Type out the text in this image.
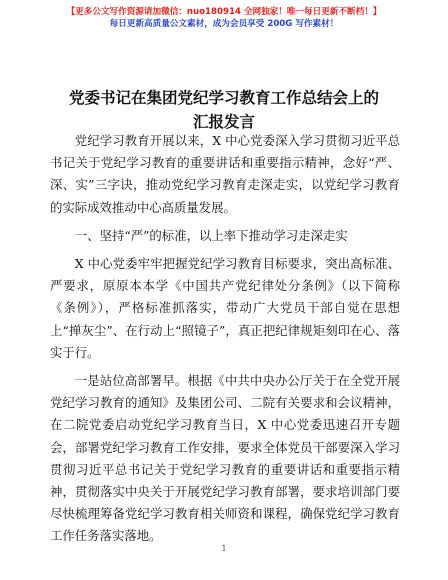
【更多公文写作资源请加微信：nuo180914 全网独家！唯一每日更新不断档！】
每日更新高质量公文素材，成为会员享受 200G 写作素材！
党委书记在集团党纪学习教育工作总结会上的
汇报发言

党纪学习教育开展以来，X 中心党委深入学习贯彻习近平总书记关于党纪学习教育的重要讲话和重要指示精神，念好“严、深、实”三字诀，推动党纪学习教育走深走实，以党纪学习教育的实际成效推动中心高质量发展。

一、坚持“严”的标准，以上率下推动学习走深走实

X 中心党委牢牢把握党纪学习教育目标要求，突出高标准、严要求，原原本本学《中国共产党纪律处分条例》（以下简称《条例》），严格标准抓落实，带动广大党员干部自觉在思想上“掸灰尘”、在行动上“照镜子”，真正把纪律规矩刻印在心、落实于行。

一是站位高部署早。根据《中共中央办公厅关于在全党开展党纪学习教育的通知》及集团公司、二院有关要求和会议精神，在二院党委启动党纪学习教育当日，X 中心党委迅速召开专题会，部署党纪学习教育工作安排，要求全体党员干部要深入学习贯彻习近平总书记关于党纪学习教育的重要讲话和重要指示精神，贯彻落实中央关于开展党纪学习教育部署，要求培训部门要尽快梳理筹备党纪学习教育相关师资和课程，确保党纪学习教育工作任务落实落地。

1
